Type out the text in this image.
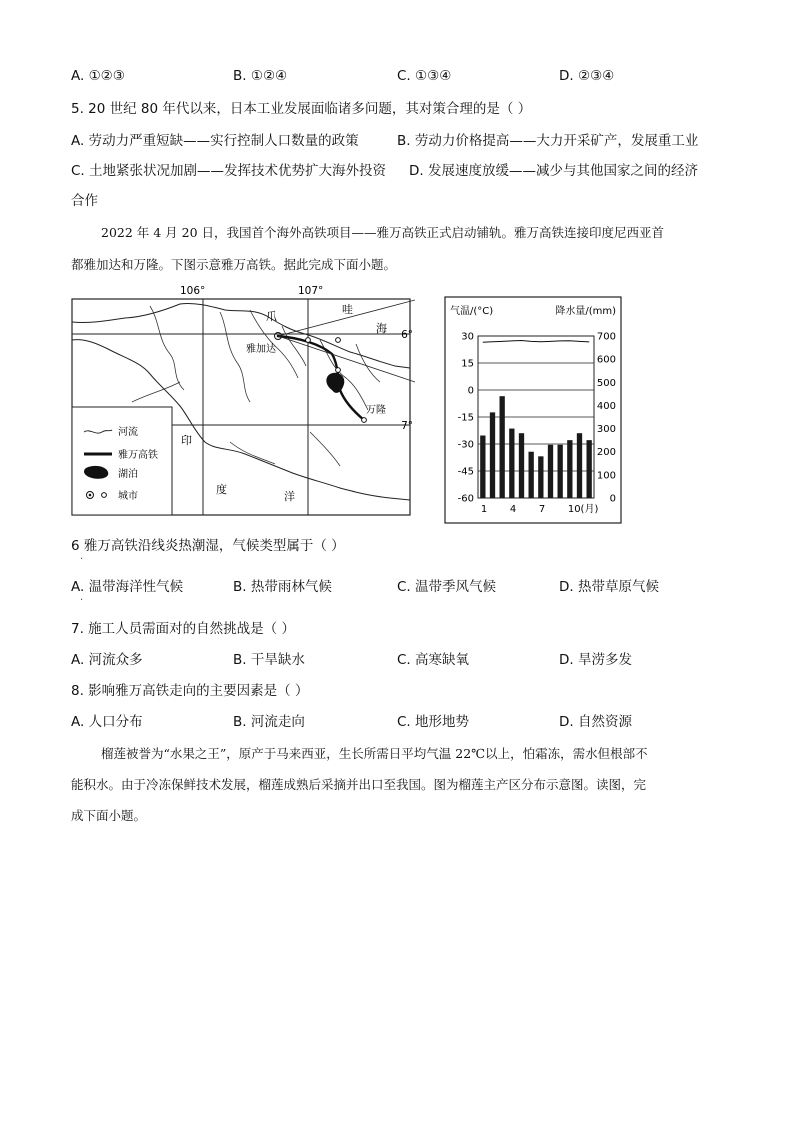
A. ①②③	B. ①②④	C. ①③④	D. ②③④
5. 20 世纪 80 年代以来，日本工业发展面临诸多问题，其对策合理的是（ ）
A. 劳动力严重短缺——实行控制人口数量的政策	B. 劳动力价格提高——大力开采矿产，发展重工业
C. 土地紧张状况加剧——发挥技术优势扩大海外投资 D. 发展速度放缓——减少与其他国家之间的经济
合作
2022 年 4 月 20 日，我国首个海外高铁项目——雅万高铁正式启动铺轨。雅万高铁连接印度尼西亚首
都雅加达和万隆。下图示意雅万高铁。据此完成下面小题。
106°	107°
6°
7°
爪
哇
海
雅加达
万隆
印
度
洋
河流
雅万高铁
湖泊
城市
气温/(°C)	降水量/(mm)
30
15
0
-15
-30
-45
-60
700
600
500
400
300
200
100
0
1 4 7 10(月)
6 雅万高铁沿线炎热潮湿，气候类型属于（ ）
·
A. 温带海洋性气候
·
B. 热带雨林气候	C. 温带季风气候	D. 热带草原气候
7. 施工人员需面对的自然挑战是（ ）
A. 河流众多	B. 干旱缺水	C. 高寒缺氧	D. 旱涝多发
8. 影响雅万高铁走向的主要因素是（ ）
A. 人口分布	B. 河流走向	C. 地形地势	D. 自然资源
榴莲被誉为“水果之王”，原产于马来西亚，生长所需日平均气温 22℃以上，怕霜冻，需水但根部不
能积水。由于冷冻保鲜技术发展，榴莲成熟后采摘并出口至我国。图为榴莲主产区分布示意图。读图，完
成下面小题。
